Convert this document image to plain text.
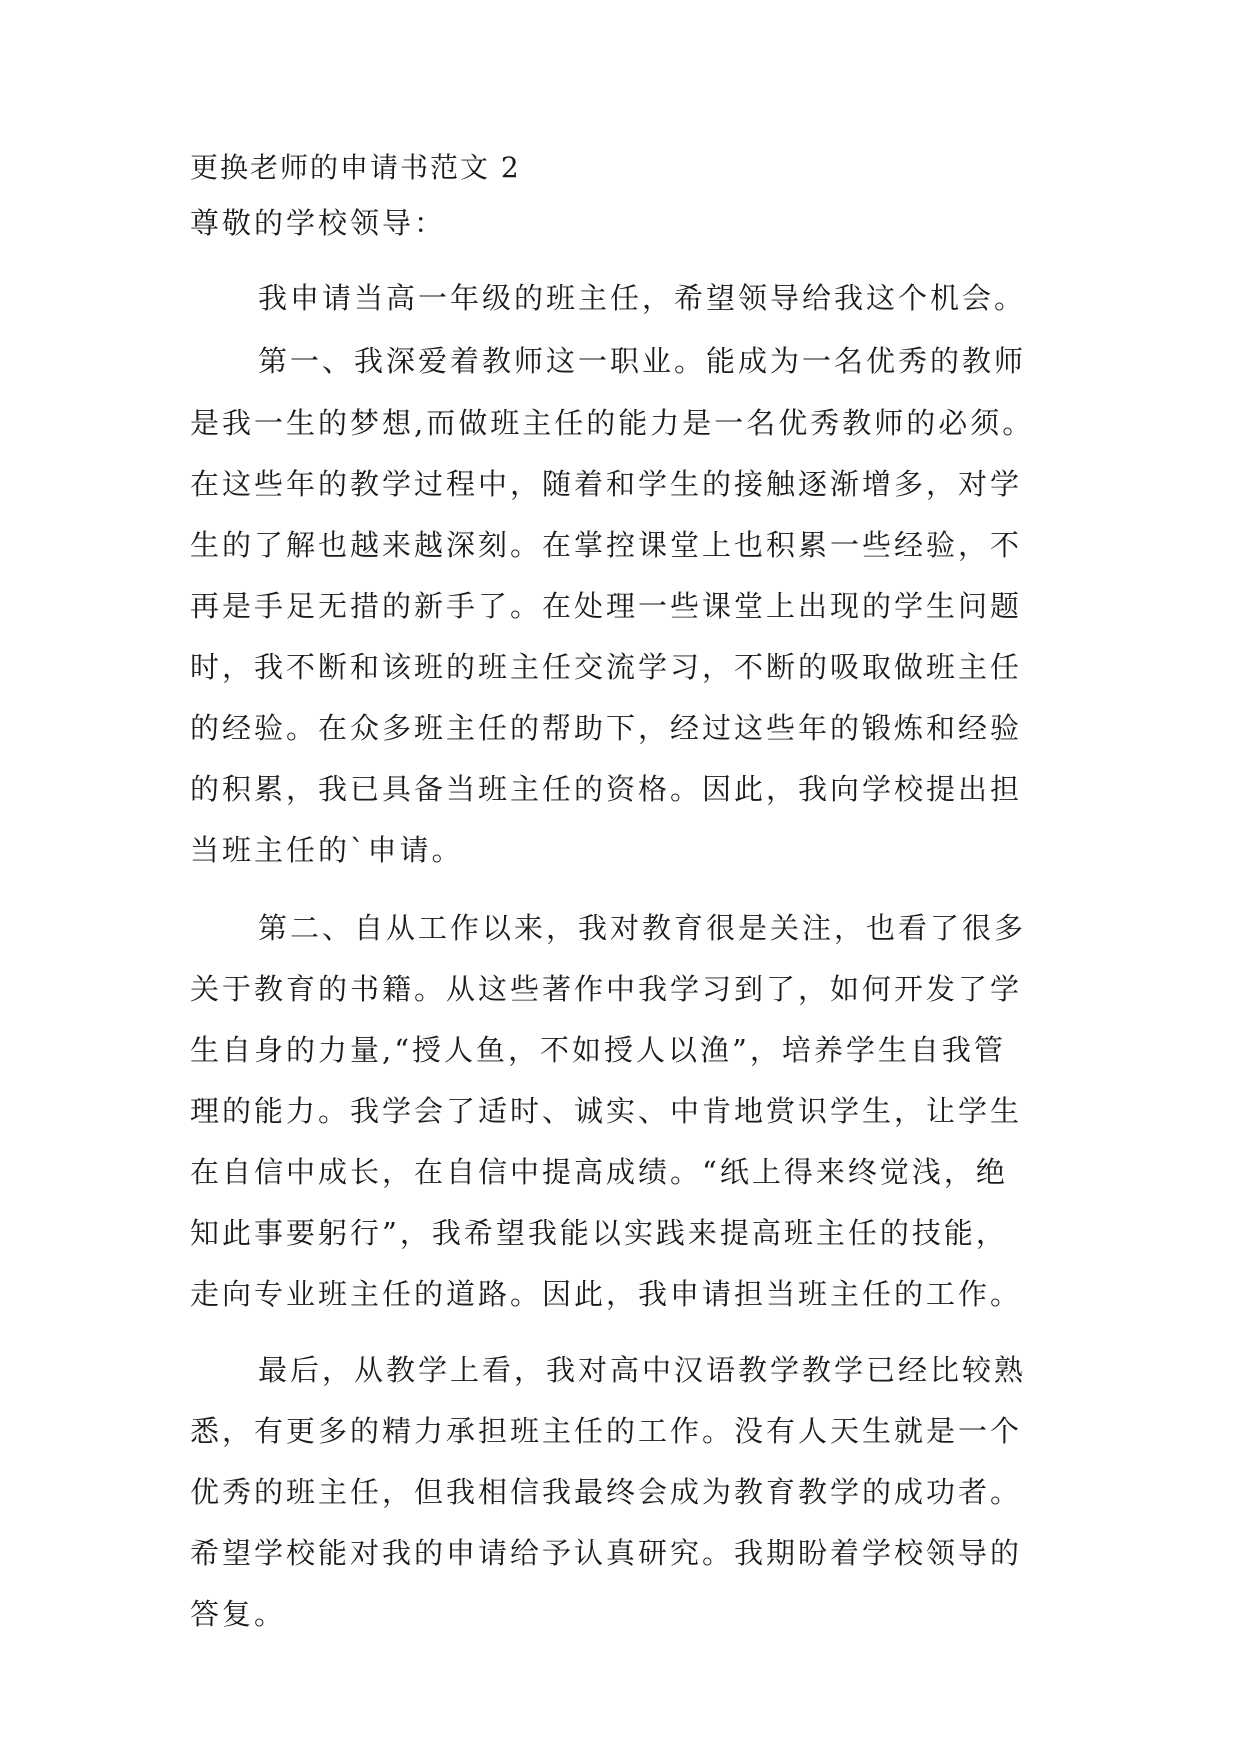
更换老师的申请书范文 2
尊敬的学校领导：
我申请当高一年级的班主任，希望领导给我这个机会。
第一、我深爱着教师这一职业。能成为一名优秀的教师
是我一生的梦想,而做班主任的能力是一名优秀教师的必须。
在这些年的教学过程中，随着和学生的接触逐渐增多，对学
生的了解也越来越深刻。在掌控课堂上也积累一些经验，不
再是手足无措的新手了。在处理一些课堂上出现的学生问题
时，我不断和该班的班主任交流学习，不断的吸取做班主任
的经验。在众多班主任的帮助下，经过这些年的锻炼和经验
的积累，我已具备当班主任的资格。因此，我向学校提出担
当班主任的`申请。
第二、自从工作以来，我对教育很是关注，也看了很多
关于教育的书籍。从这些著作中我学习到了，如何开发了学
生自身的力量,“授人鱼，不如授人以渔”，培养学生自我管
理的能力。我学会了适时、诚实、中肯地赏识学生，让学生
在自信中成长，在自信中提高成绩。“纸上得来终觉浅，绝
知此事要躬行”，我希望我能以实践来提高班主任的技能，
走向专业班主任的道路。因此，我申请担当班主任的工作。
最后，从教学上看，我对高中汉语教学教学已经比较熟
悉，有更多的精力承担班主任的工作。没有人天生就是一个
优秀的班主任，但我相信我最终会成为教育教学的成功者。
希望学校能对我的申请给予认真研究。我期盼着学校领导的
答复。
